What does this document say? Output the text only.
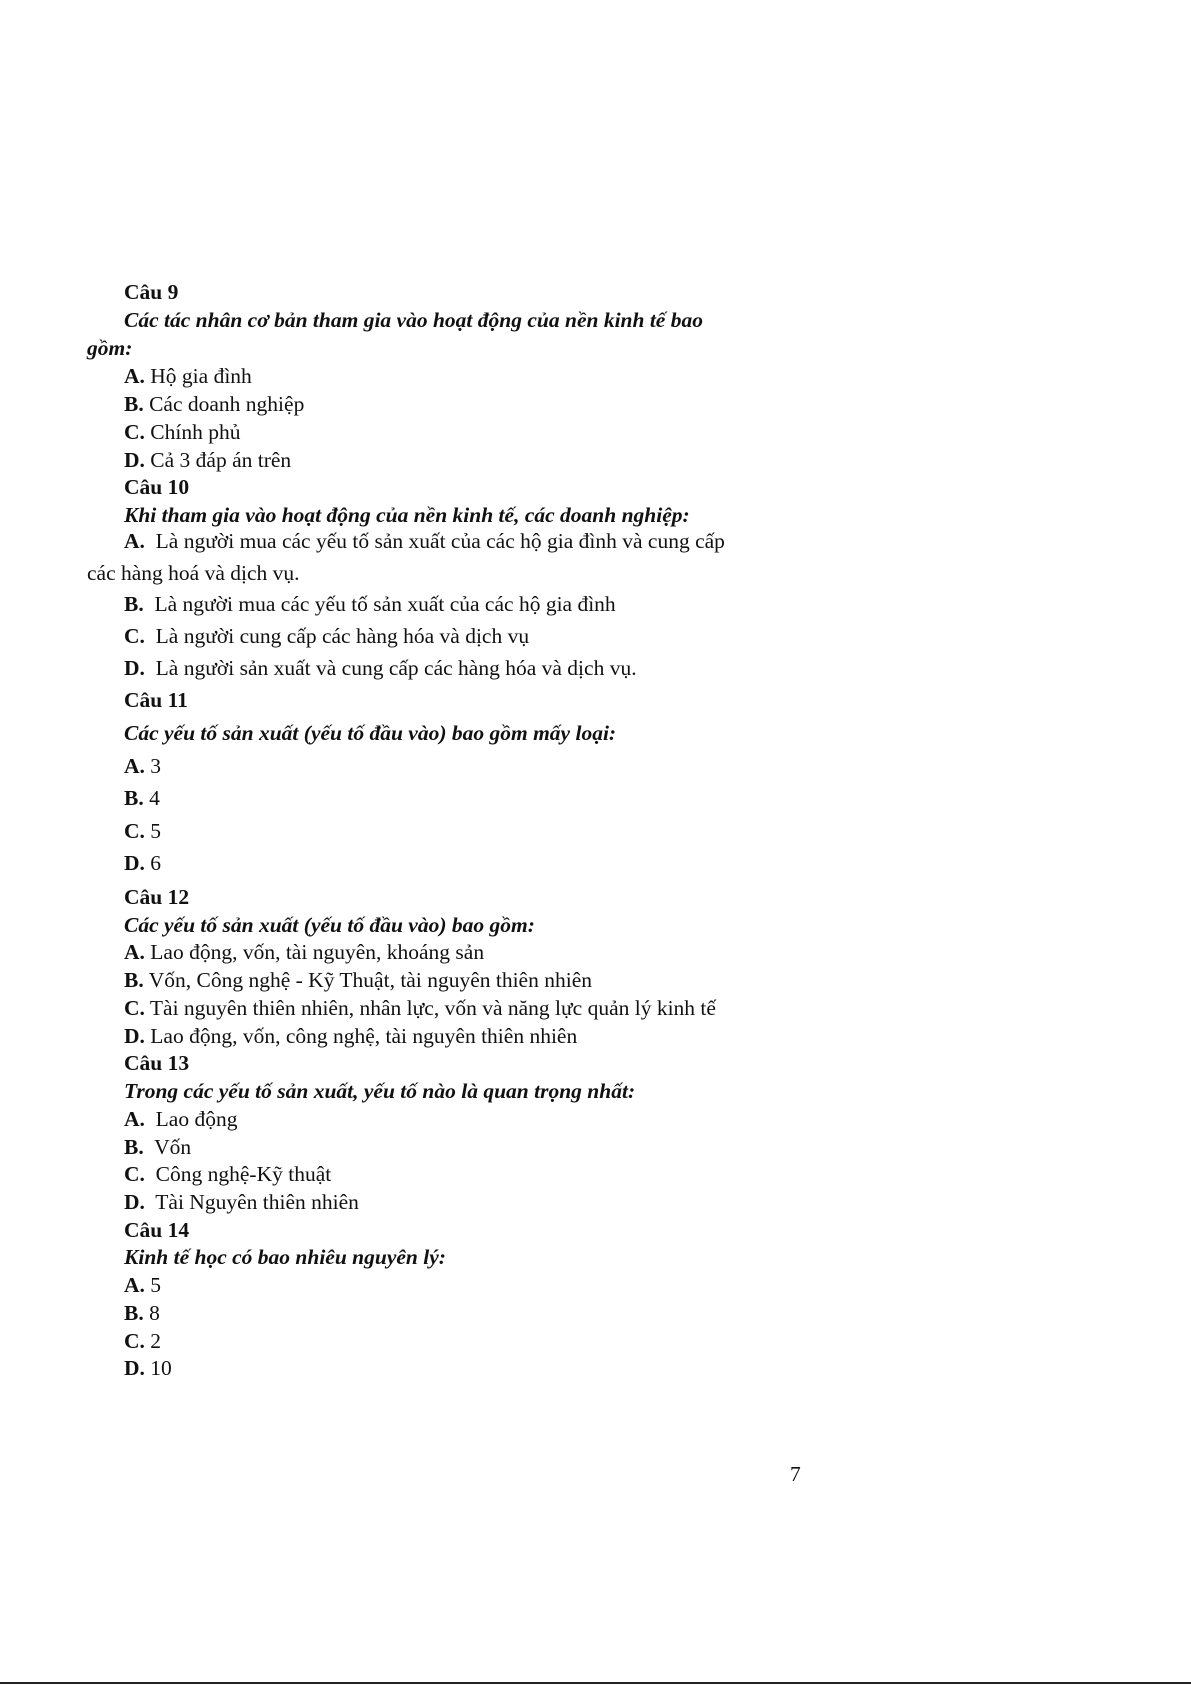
Câu 9
Các tác nhân cơ bản tham gia vào hoạt động của nền kinh tế bao
gồm:
A. Hộ gia đình
B. Các doanh nghiệp
C. Chính phủ
D. Cả 3 đáp án trên
Câu 10
Khi tham gia vào hoạt động của nền kinh tế, các doanh nghiệp:
A. Là người mua các yếu tố sản xuất của các hộ gia đình và cung cấp
các hàng hoá và dịch vụ.
B. Là người mua các yếu tố sản xuất của các hộ gia đình
C. Là người cung cấp các hàng hóa và dịch vụ
D. Là người sản xuất và cung cấp các hàng hóa và dịch vụ.
Câu 11
Các yếu tố sản xuất (yếu tố đầu vào) bao gồm mấy loại:
A. 3
B. 4
C. 5
D. 6
Câu 12
Các yếu tố sản xuất (yếu tố đầu vào) bao gồm:
A. Lao động, vốn, tài nguyên, khoáng sản
B. Vốn, Công nghệ - Kỹ Thuật, tài nguyên thiên nhiên
C. Tài nguyên thiên nhiên, nhân lực, vốn và năng lực quản lý kinh tế
D. Lao động, vốn, công nghệ, tài nguyên thiên nhiên
Câu 13
Trong các yếu tố sản xuất, yếu tố nào là quan trọng nhất:
A. Lao động
B. Vốn
C. Công nghệ-Kỹ thuật
D. Tài Nguyên thiên nhiên
Câu 14
Kinh tế học có bao nhiêu nguyên lý:
A. 5
B. 8
C. 2
D. 10
7
